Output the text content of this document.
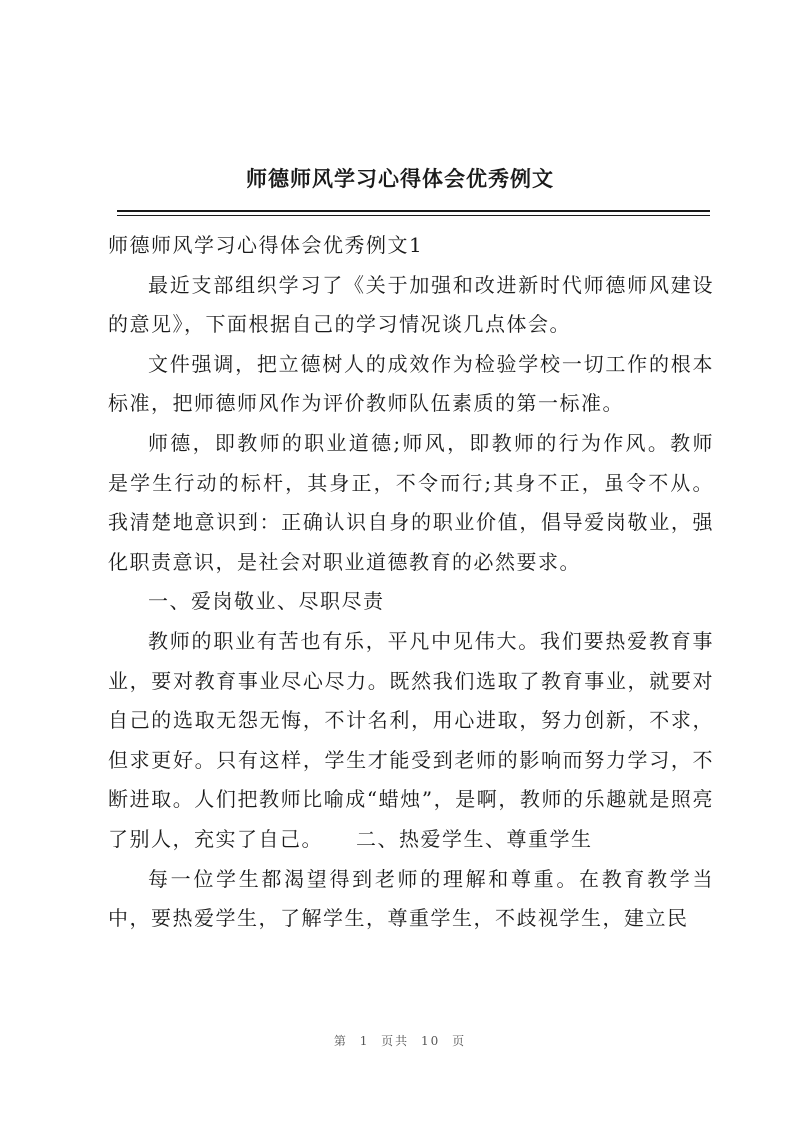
师德师风学习心得体会优秀例文

师德师风学习心得体会优秀例文1

最近支部组织学习了《关于加强和改进新时代师德师风建设的意见》，下面根据自己的学习情况谈几点体会。

文件强调，把立德树人的成效作为检验学校一切工作的根本标准，把师德师风作为评价教师队伍素质的第一标准。

师德，即教师的职业道德;师风，即教师的行为作风。教师是学生行动的标杆，其身正，不令而行;其身不正，虽令不从。我清楚地意识到：正确认识自身的职业价值，倡导爱岗敬业，强化职责意识，是社会对职业道德教育的必然要求。

一、爱岗敬业、尽职尽责

教师的职业有苦也有乐，平凡中见伟大。我们要热爱教育事业，要对教育事业尽心尽力。既然我们选取了教育事业，就要对自己的选取无怨无悔，不计名利，用心进取，努力创新，不求，但求更好。只有这样，学生才能受到老师的影响而努力学习，不断进取。人们把教师比喻成“蜡烛”，是啊，教师的乐趣就是照亮了别人，充实了自己。　　二、热爱学生、尊重学生

每一位学生都渴望得到老师的理解和尊重。在教育教学当中，要热爱学生，了解学生，尊重学生，不歧视学生，建立民

第 1 页共 10 页
